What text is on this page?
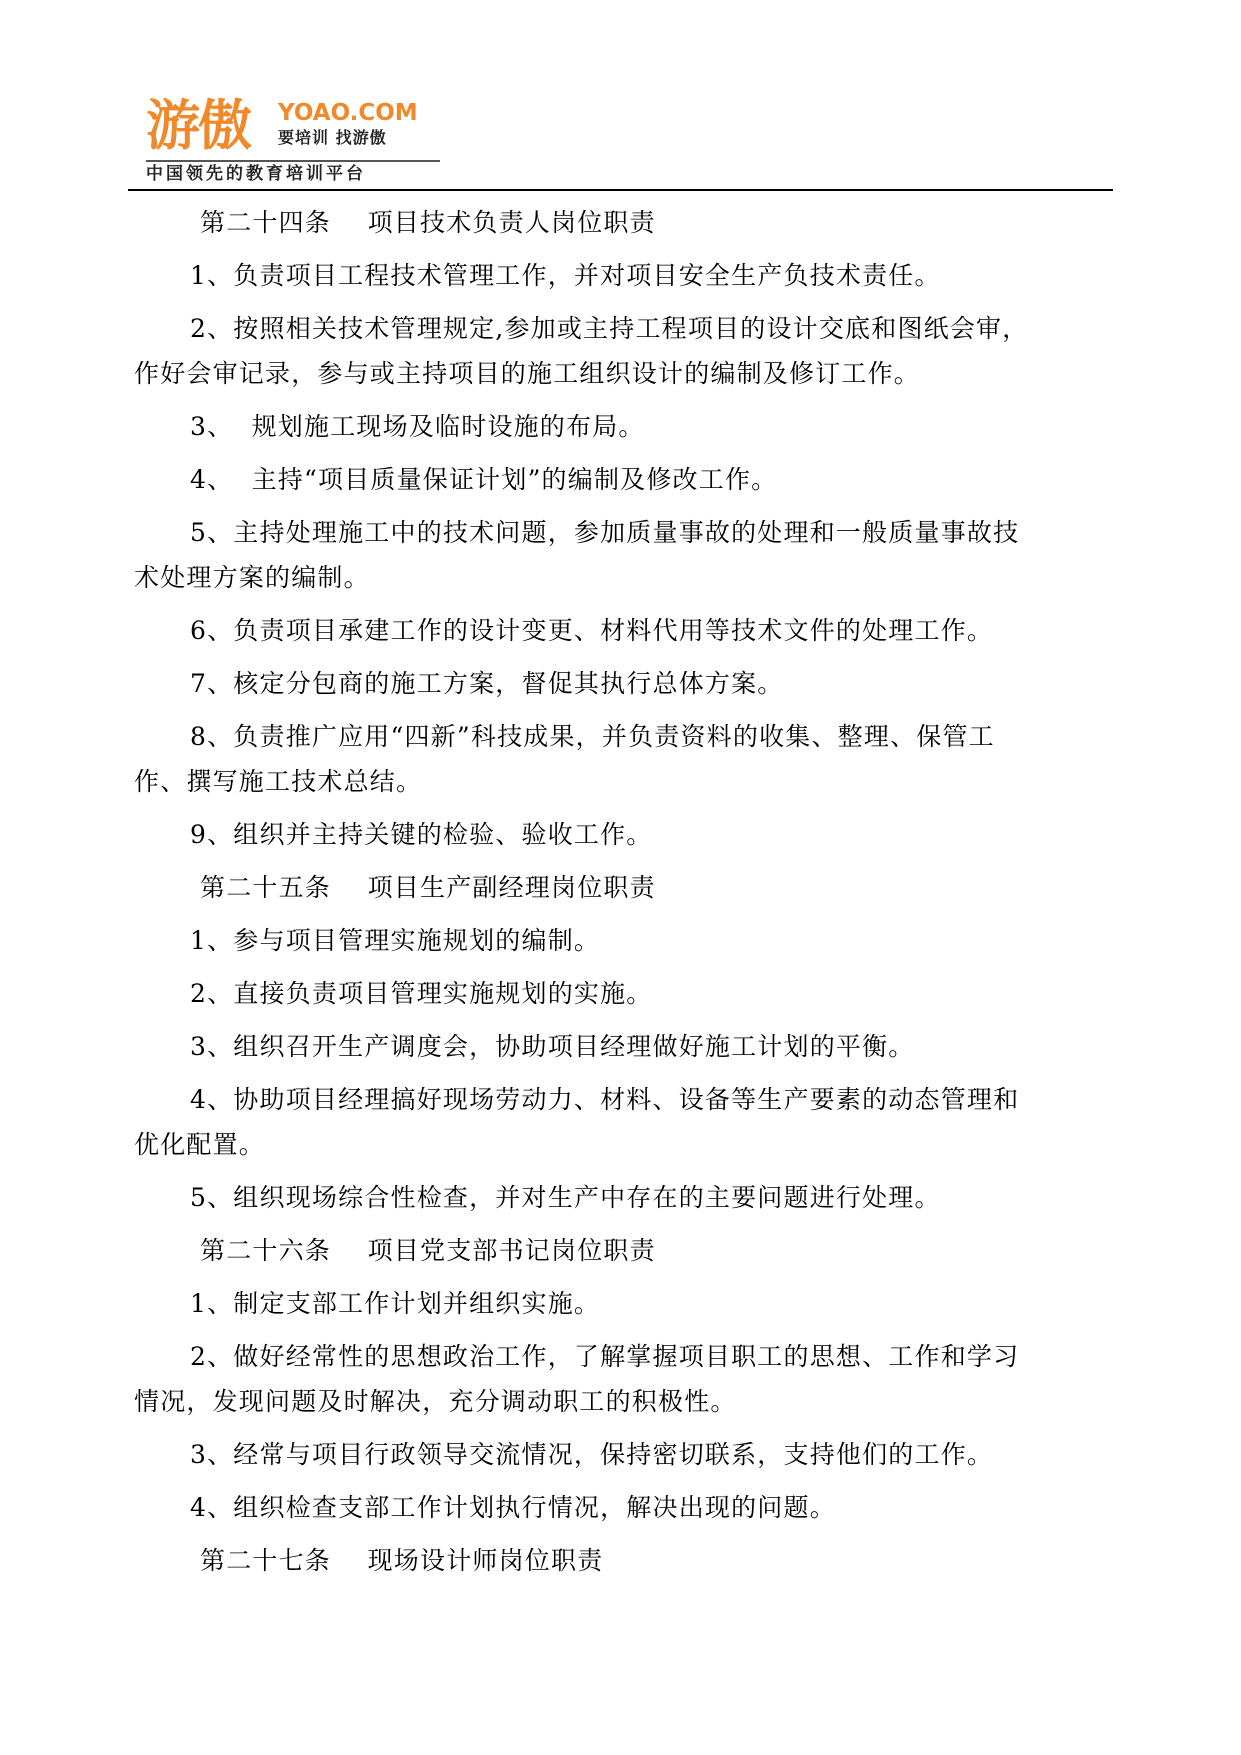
游傲 YOAO.COM
要培训 找游傲
中国领先的教育培训平台

第二十四条    项目技术负责人岗位职责

1、负责项目工程技术管理工作，并对项目安全生产负技术责任。

2、按照相关技术管理规定,参加或主持工程项目的设计交底和图纸会审，

作好会审记录，参与或主持项目的施工组织设计的编制及修订工作。

3、  规划施工现场及临时设施的布局。

4、  主持“项目质量保证计划”的编制及修改工作。

5、主持处理施工中的技术问题，参加质量事故的处理和一般质量事故技

术处理方案的编制。

6、负责项目承建工作的设计变更、材料代用等技术文件的处理工作。

7、核定分包商的施工方案，督促其执行总体方案。

8、负责推广应用“四新”科技成果，并负责资料的收集、整理、保管工

作、撰写施工技术总结。

9、组织并主持关键的检验、验收工作。

第二十五条    项目生产副经理岗位职责

1、参与项目管理实施规划的编制。

2、直接负责项目管理实施规划的实施。

3、组织召开生产调度会，协助项目经理做好施工计划的平衡。

4、协助项目经理搞好现场劳动力、材料、设备等生产要素的动态管理和

优化配置。

5、组织现场综合性检查，并对生产中存在的主要问题进行处理。

第二十六条    项目党支部书记岗位职责

1、制定支部工作计划并组织实施。

2、做好经常性的思想政治工作，了解掌握项目职工的思想、工作和学习

情况，发现问题及时解决，充分调动职工的积极性。

3、经常与项目行政领导交流情况，保持密切联系，支持他们的工作。

4、组织检查支部工作计划执行情况，解决出现的问题。

第二十七条    现场设计师岗位职责
